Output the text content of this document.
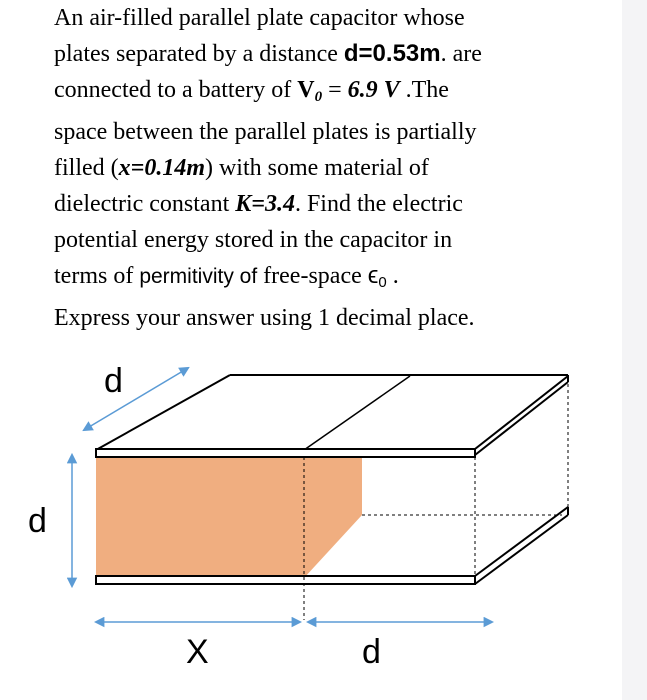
An air-filled parallel plate capacitor whose
plates separated by a distance d=0.53m. are
connected to a battery of $V_0 = 6.9$ V .The
space between the parallel plates is partially
filled (x=0.14m) with some material of
dielectric constant K=3.4. Find the electric
potential energy stored in the capacitor in
terms of permitivity of free-space $\epsilon_0$ .
Express your answer using 1 decimal place.
d
d
X	d
